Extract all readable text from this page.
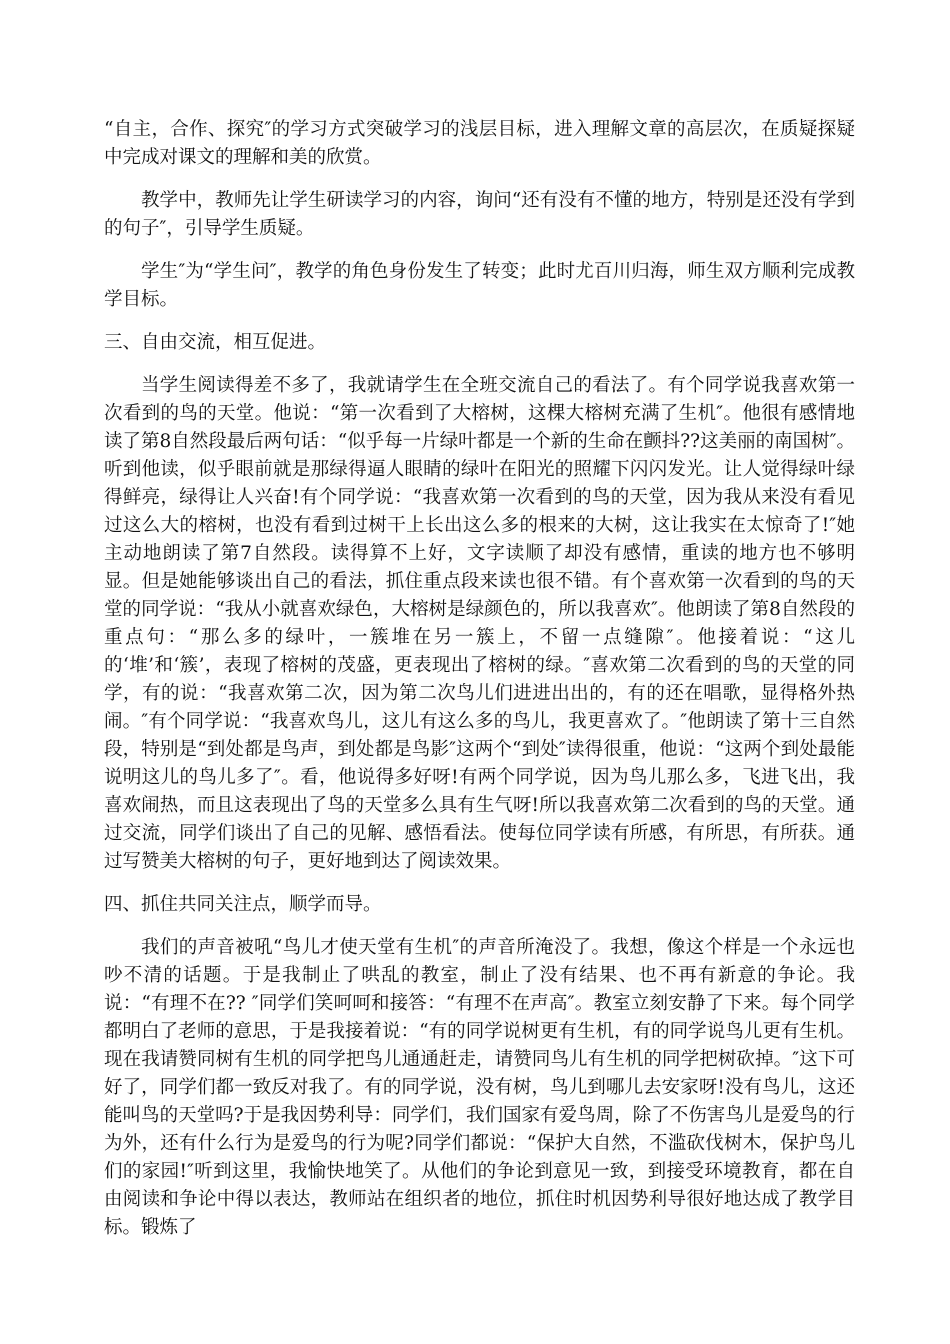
“自主，合作、探究″的学习方式突破学习的浅层目标，进入理解文章的高层次，在质疑探疑中完成对课文的理解和美的欣赏。

教学中，教师先让学生研读学习的内容，询问“还有没有不懂的地方，特别是还没有学到的句子″，引导学生质疑。

学生″为“学生问″，教学的角色身份发生了转变；此时尤百川归海，师生双方顺利完成教学目标。

三、自由交流，相互促进。

当学生阅读得差不多了，我就请学生在全班交流自己的看法了。有个同学说我喜欢第一次看到的鸟的天堂。他说：“第一次看到了大榕树，这棵大榕树充满了生机″。他很有感情地读了第8自然段最后两句话：“似乎每一片绿叶都是一个新的生命在颤抖??这美丽的南国树″。听到他读，似乎眼前就是那绿得逼人眼睛的绿叶在阳光的照耀下闪闪发光。让人觉得绿叶绿得鲜亮，绿得让人兴奋!有个同学说：“我喜欢第一次看到的鸟的天堂，因为我从来没有看见过这么大的榕树，也没有看到过树干上长出这么多的根来的大树，这让我实在太惊奇了!″她主动地朗读了第7自然段。读得算不上好，文字读顺了却没有感情，重读的地方也不够明显。但是她能够谈出自己的看法，抓住重点段来读也很不错。有个喜欢第一次看到的鸟的天堂的同学说：“我从小就喜欢绿色，大榕树是绿颜色的，所以我喜欢″。他朗读了第8自然段的重点句：“那么多的绿叶，一簇堆在另一簇上，不留一点缝隙″。他接着说：“这儿的‘堆’和‘簇’，表现了榕树的茂盛，更表现出了榕树的绿。″喜欢第二次看到的鸟的天堂的同学，有的说：“我喜欢第二次，因为第二次鸟儿们进进出出的，有的还在唱歌，显得格外热闹。″有个同学说：“我喜欢鸟儿，这儿有这么多的鸟儿，我更喜欢了。″他朗读了第十三自然段，特别是“到处都是鸟声，到处都是鸟影″这两个“到处″读得很重，他说：“这两个到处最能说明这儿的鸟儿多了″。看，他说得多好呀!有两个同学说，因为鸟儿那么多，飞进飞出，我喜欢闹热，而且这表现出了鸟的天堂多么具有生气呀!所以我喜欢第二次看到的鸟的天堂。通过交流，同学们谈出了自己的见解、感悟看法。使每位同学读有所感，有所思，有所获。通过写赞美大榕树的句子，更好地到达了阅读效果。

四、抓住共同关注点，顺学而导。

我们的声音被吼“鸟儿才使天堂有生机″的声音所淹没了。我想，像这个样是一个永远也吵不清的话题。于是我制止了哄乱的教室，制止了没有结果、也不再有新意的争论。我说：“有理不在?? ″同学们笑呵呵和接答：“有理不在声高″。教室立刻安静了下来。每个同学都明白了老师的意思，于是我接着说：“有的同学说树更有生机，有的同学说鸟儿更有生机。现在我请赞同树有生机的同学把鸟儿通通赶走，请赞同鸟儿有生机的同学把树砍掉。″这下可好了，同学们都一致反对我了。有的同学说，没有树，鸟儿到哪儿去安家呀!没有鸟儿，这还能叫鸟的天堂吗?于是我因势利导：同学们，我们国家有爱鸟周，除了不伤害鸟儿是爱鸟的行为外，还有什么行为是爱鸟的行为呢?同学们都说：“保护大自然，不滥砍伐树木，保护鸟儿们的家园!″听到这里，我愉快地笑了。从他们的争论到意见一致，到接受环境教育，都在自由阅读和争论中得以表达，教师站在组织者的地位，抓住时机因势利导很好地达成了教学目标。锻炼了
